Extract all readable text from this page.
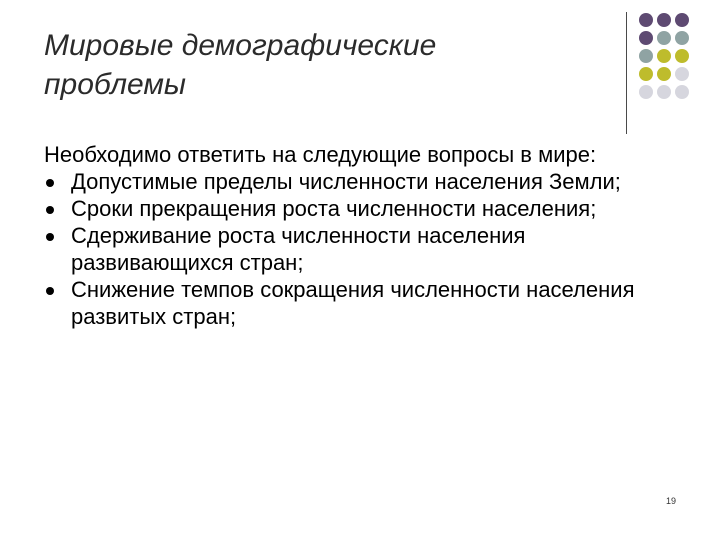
Мировые демографические
проблемы

Необходимо ответить на следующие вопросы в мире:

Допустимые пределы численности населения Земли;
Сроки прекращения роста численности населения;
Сдерживание роста численности населения развивающихся стран;
Снижение темпов сокращения численности населения развитых стран;
19
